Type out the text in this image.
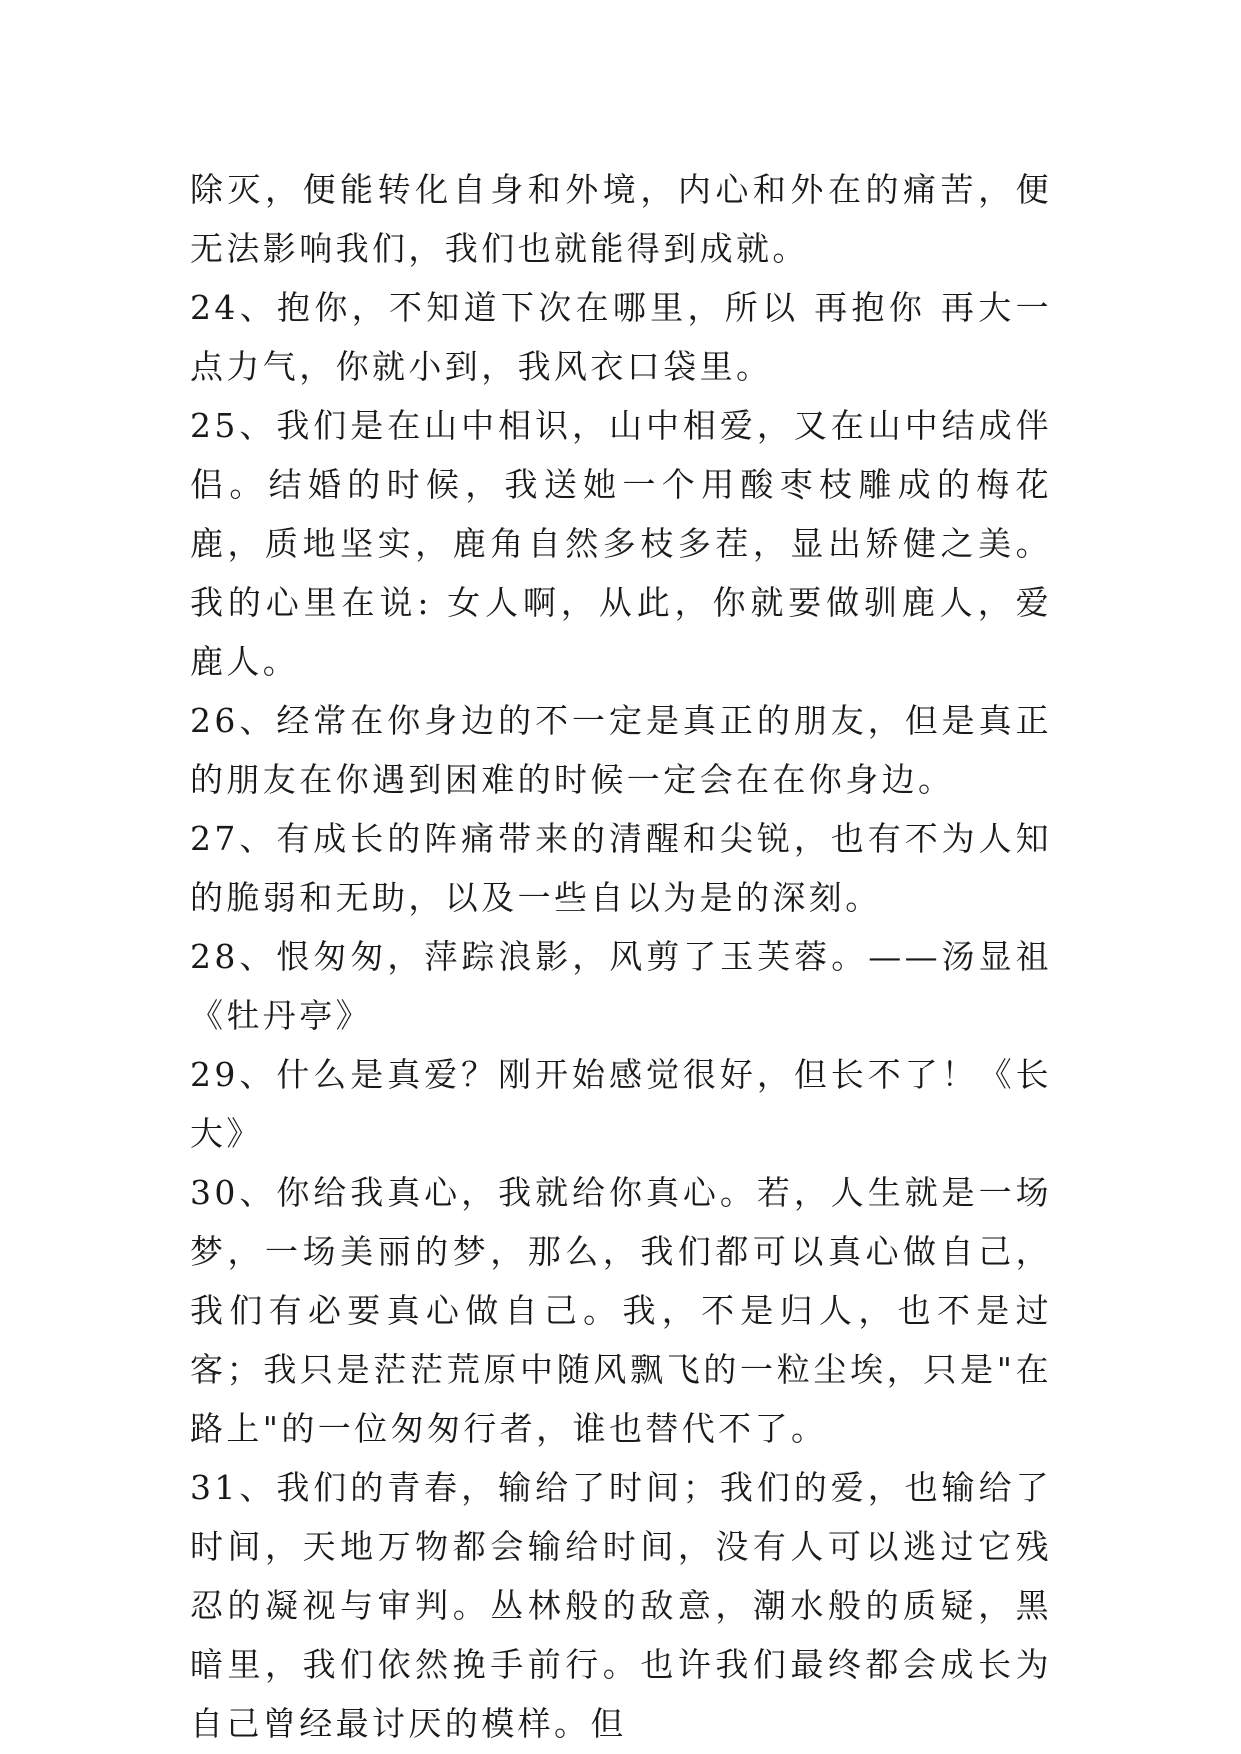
除灭，便能转化自身和外境，内心和外在的痛苦，便无法影响我们，我们也就能得到成就。

24、抱你，不知道下次在哪里，所以 再抱你 再大一点力气，你就小到，我风衣口袋里。

25、我们是在山中相识，山中相爱，又在山中结成伴侣。结婚的时候，我送她一个用酸枣枝雕成的梅花鹿，质地坚实，鹿角自然多枝多茬，显出矫健之美。我的心里在说: 女人啊，从此，你就要做驯鹿人，爱鹿人。

26、经常在你身边的不一定是真正的朋友，但是真正的朋友在你遇到困难的时候一定会在在你身边。

27、有成长的阵痛带来的清醒和尖锐，也有不为人知的脆弱和无助，以及一些自以为是的深刻。

28、恨匆匆，萍踪浪影，风剪了玉芙蓉。——汤显祖《牡丹亭》

29、什么是真爱？刚开始感觉很好，但长不了！《长大》

30、你给我真心，我就给你真心。若，人生就是一场梦，一场美丽的梦，那么，我们都可以真心做自己，我们有必要真心做自己。我，不是归人，也不是过客；我只是茫茫荒原中随风飘飞的一粒尘埃，只是"在路上"的一位匆匆行者，谁也替代不了。

31、我们的青春，输给了时间；我们的爱，也输给了时间，天地万物都会输给时间，没有人可以逃过它残忍的凝视与审判。丛林般的敌意，潮水般的质疑，黑暗里，我们依然挽手前行。也许我们最终都会成长为自己曾经最讨厌的模样。但
